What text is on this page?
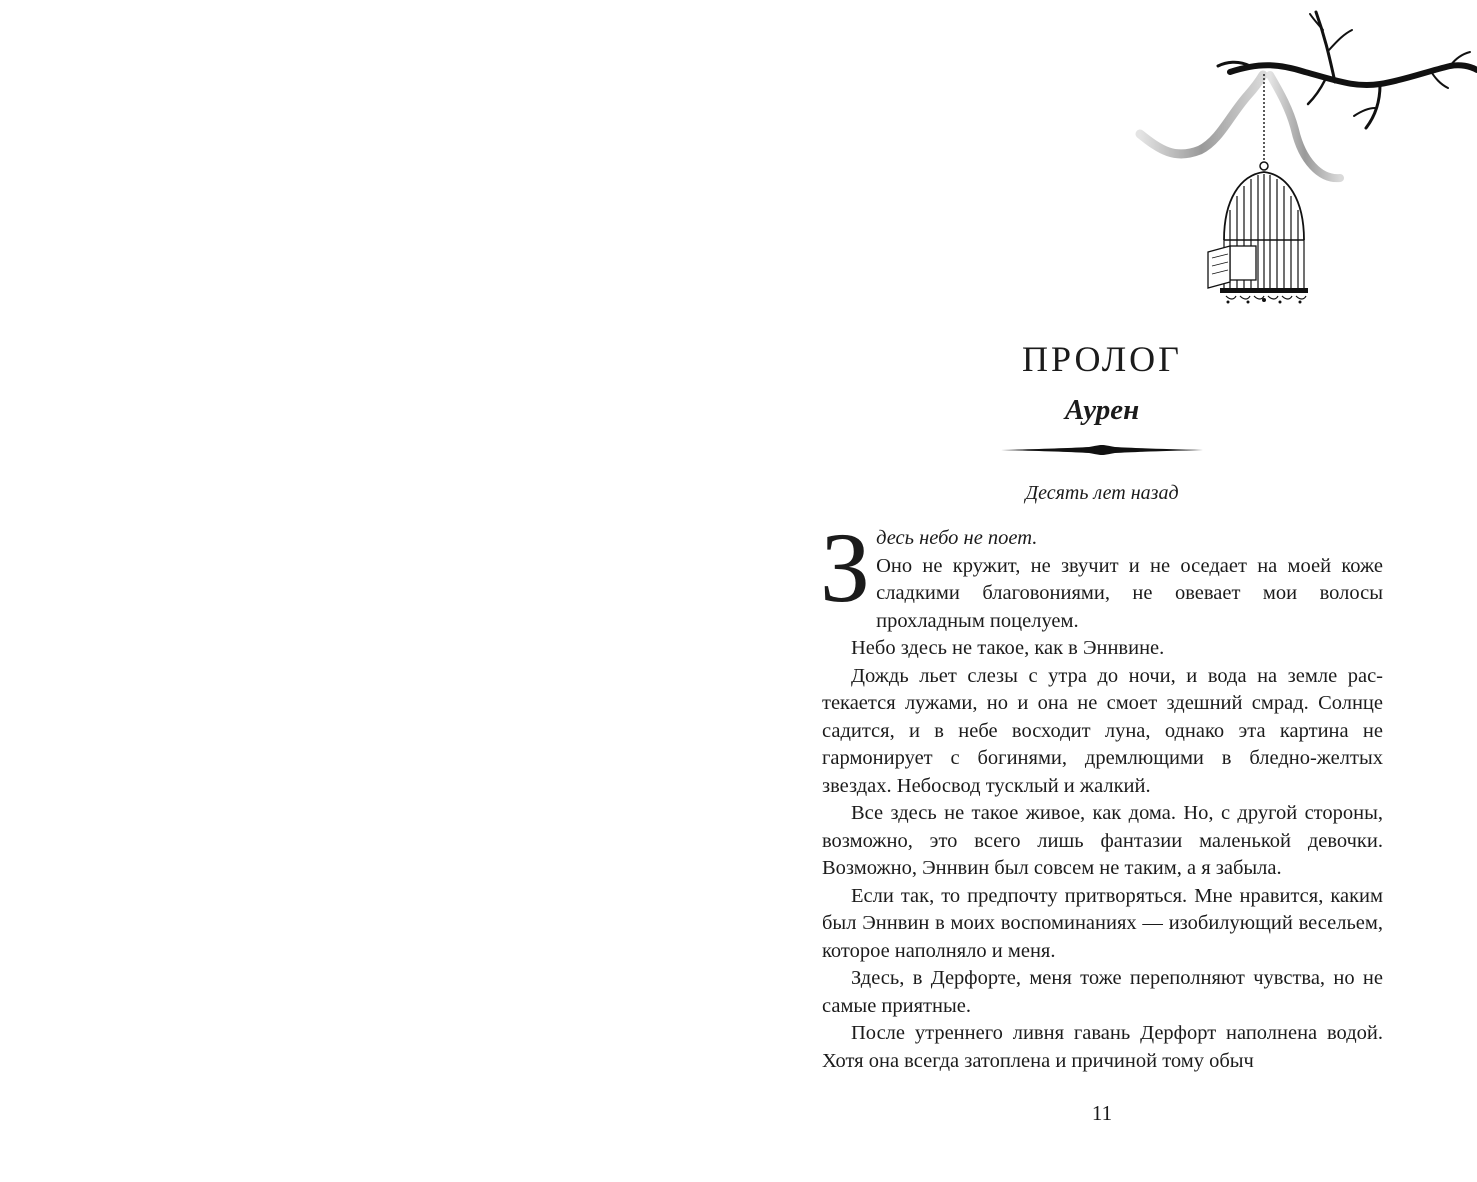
ПРОЛОГ
Аурен

Десять лет назад

Здесь небо не поет.

Оно не кружит, не звучит и не оседает на моей коже сладкими благовониями, не овевает мои волосы прохладным поцелуем.

Небо здесь не такое, как в Эннвине.

Дождь льет слезы с утра до ночи, и вода на земле растекается лужами, но и она не смоет здешний смрад. Солнце садится, и в небе восходит луна, однако эта картина не гармонирует с богинями, дремлющими в бледно-желтых звездах. Небосвод тусклый и жалкий.

Все здесь не такое живое, как дома. Но, с другой стороны, возможно, это всего лишь фантазии маленькой девочки. Возможно, Эннвин был совсем не таким, а я забыла.

Если так, то предпочту притворяться. Мне нравится, каким был Эннвин в моих воспоминаниях — изобилующий весельем, которое наполняло и меня.

Здесь, в Дерфорте, меня тоже переполняют чувства, но не самые приятные.

После утреннего ливня гавань Дерфорт наполнена водой. Хотя она всегда затоплена и причиной тому обыч

11
